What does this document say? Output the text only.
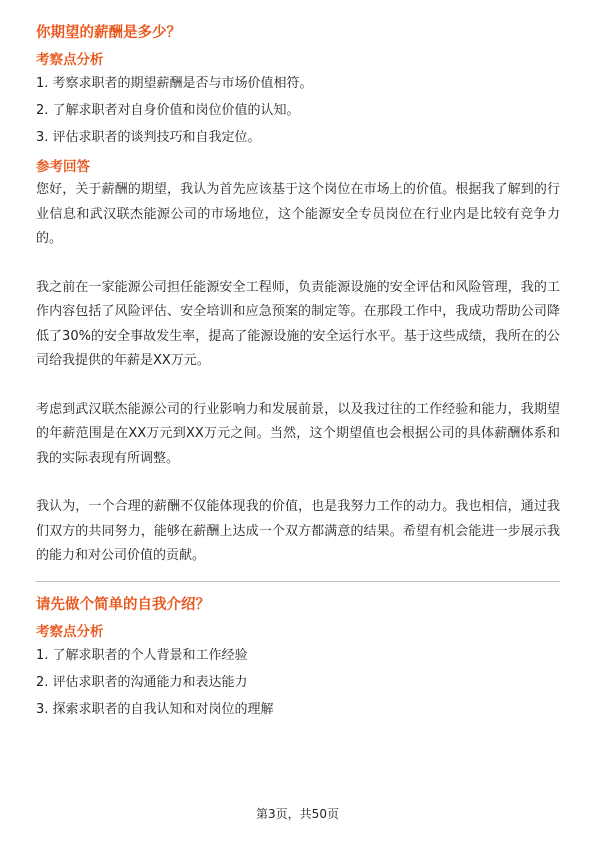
你期望的薪酬是多少？

考察点分析

1. 考察求职者的期望薪酬是否与市场价值相符。

2. 了解求职者对自身价值和岗位价值的认知。

3. 评估求职者的谈判技巧和自我定位。

参考回答

您好，关于薪酬的期望，我认为首先应该基于这个岗位在市场上的价值。根据我了解到的行业信息和武汉联杰能源公司的市场地位，这个能源安全专员岗位在行业内是比较有竞争力的。

我之前在一家能源公司担任能源安全工程师，负责能源设施的安全评估和风险管理，我的工作内容包括了风险评估、安全培训和应急预案的制定等。在那段工作中，我成功帮助公司降低了30%的安全事故发生率，提高了能源设施的安全运行水平。基于这些成绩，我所在的公司给我提供的年薪是XX万元。

考虑到武汉联杰能源公司的行业影响力和发展前景，以及我过往的工作经验和能力，我期望的年薪范围是在XX万元到XX万元之间。当然，这个期望值也会根据公司的具体薪酬体系和我的实际表现有所调整。

我认为，一个合理的薪酬不仅能体现我的价值，也是我努力工作的动力。我也相信，通过我们双方的共同努力，能够在薪酬上达成一个双方都满意的结果。希望有机会能进一步展示我的能力和对公司价值的贡献。

请先做个简单的自我介绍？

考察点分析

1. 了解求职者的个人背景和工作经验

2. 评估求职者的沟通能力和表达能力

3. 探索求职者的自我认知和对岗位的理解

第3页，共50页
